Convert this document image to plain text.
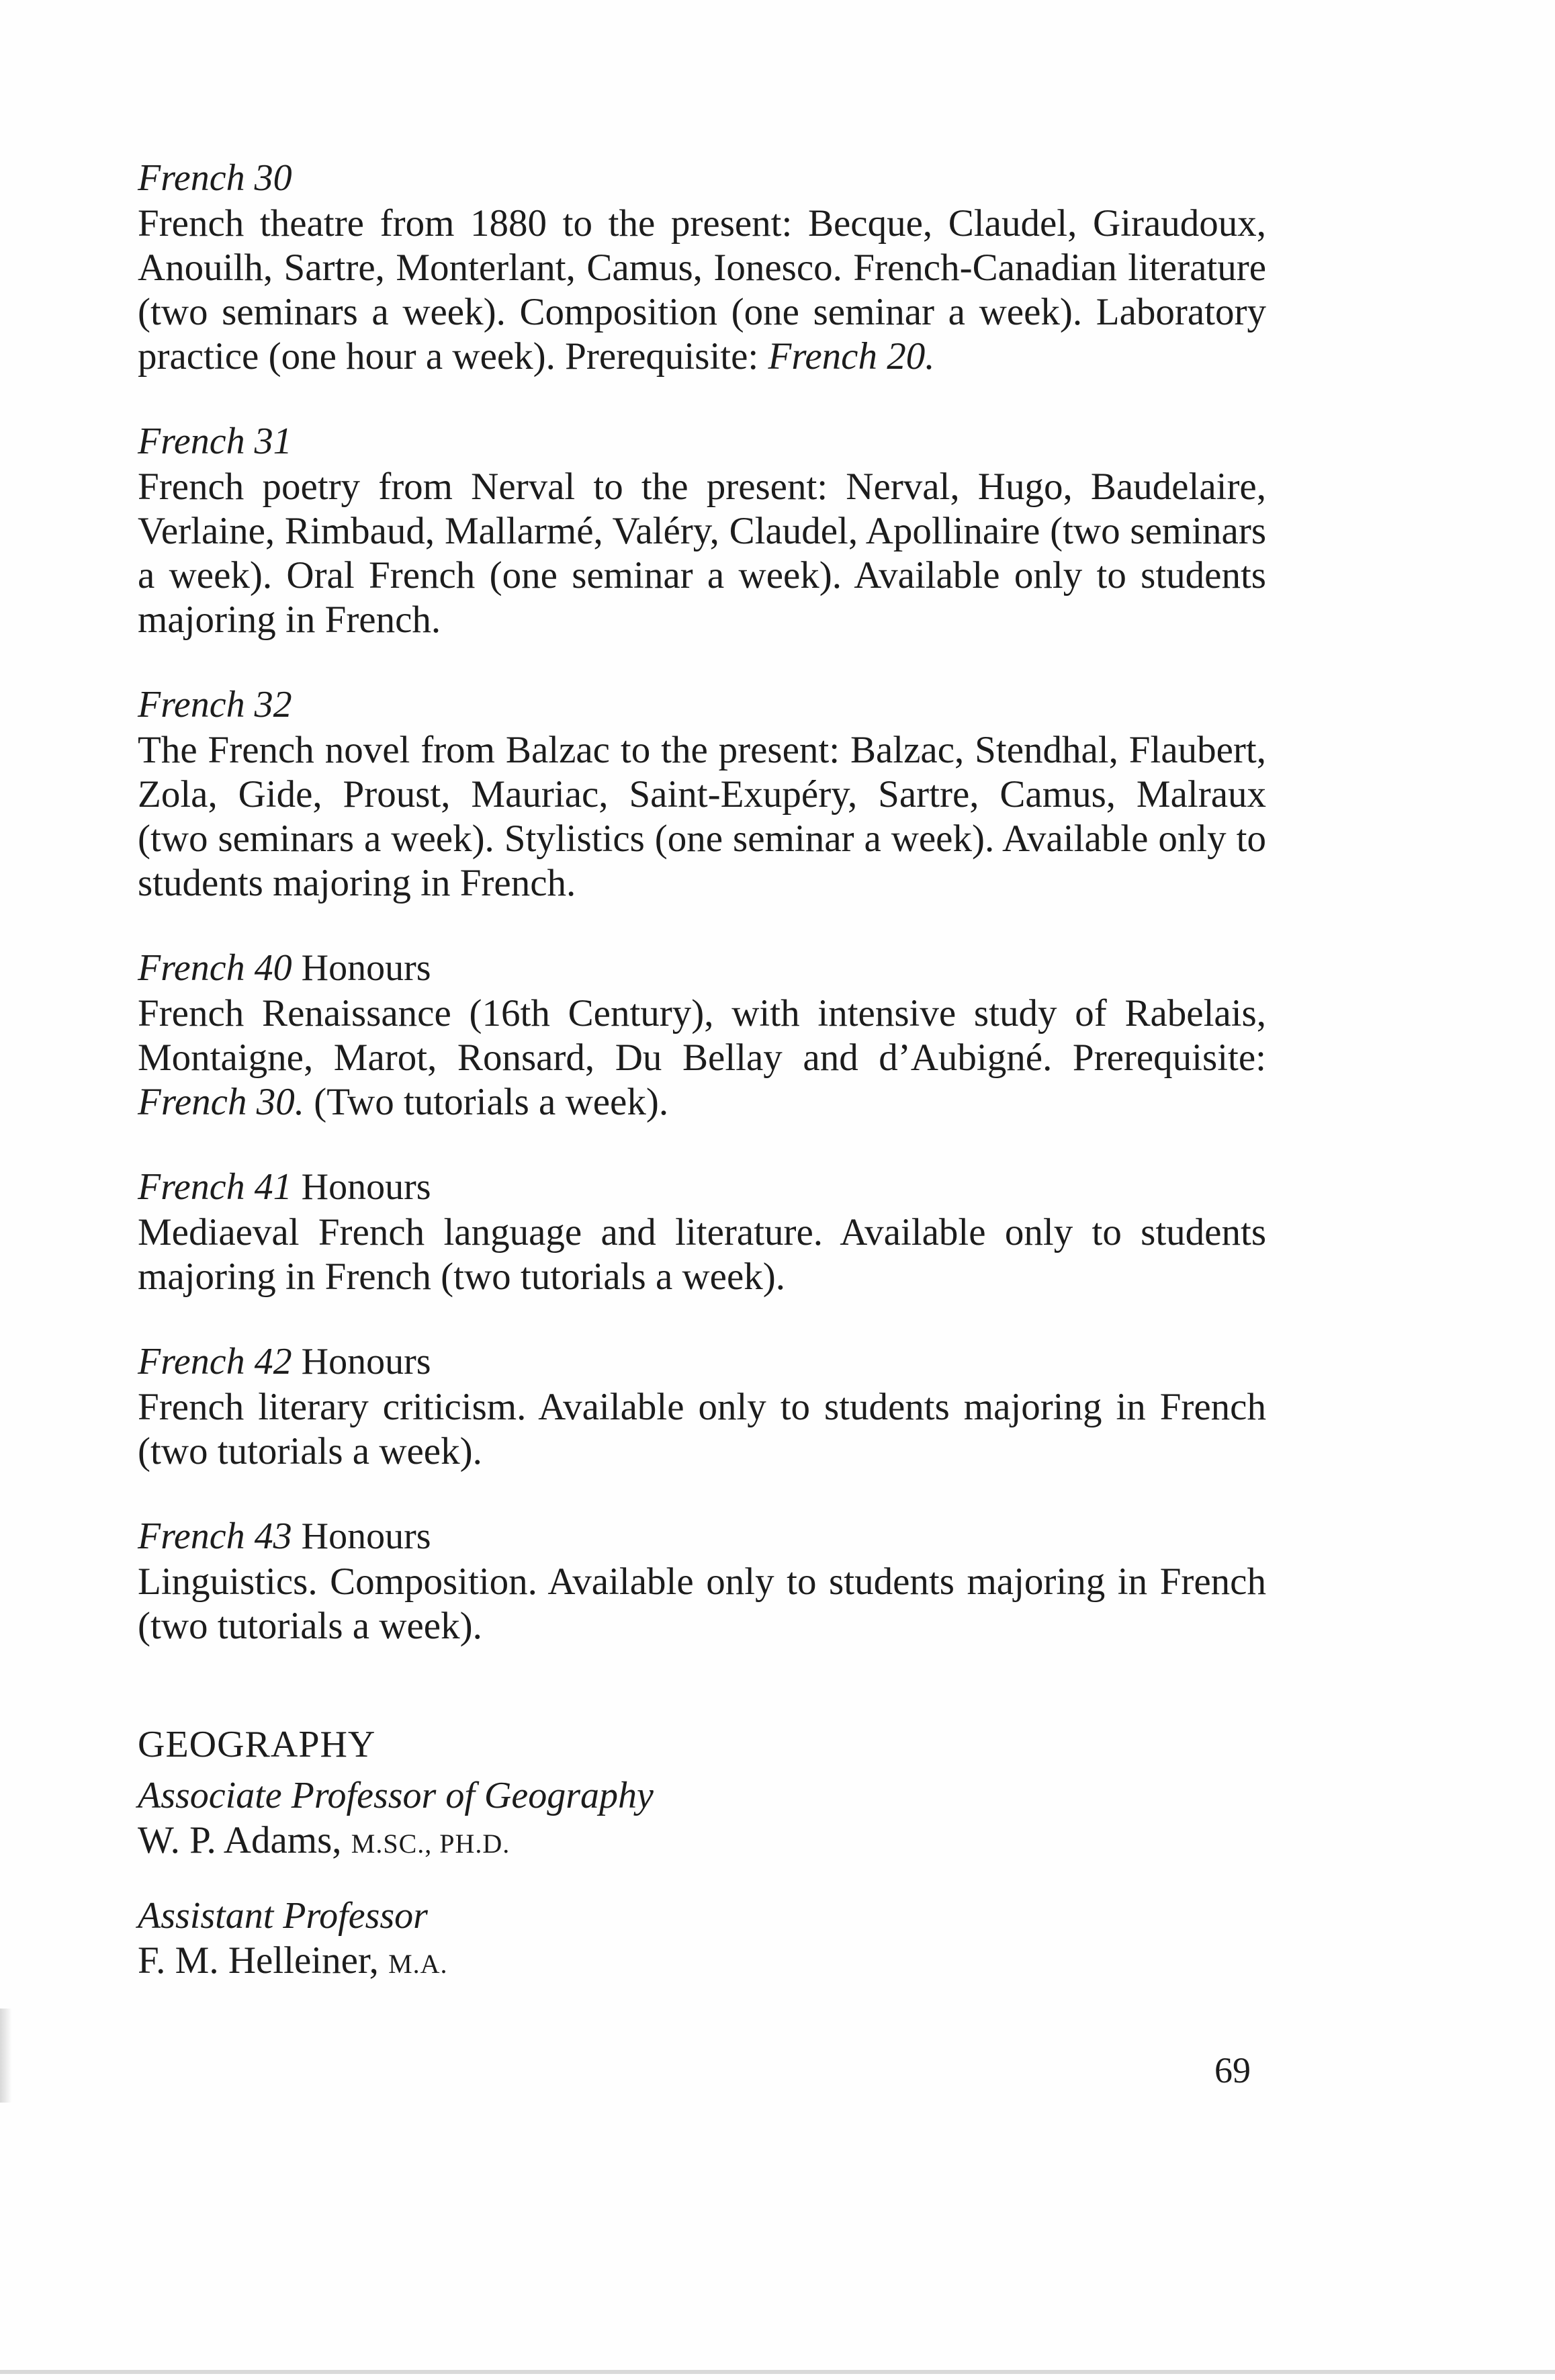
French 30

French theatre from 1880 to the present: Becque, Claudel, Giraudoux, Anouilh, Sartre, Monterlant, Camus, Ionesco. French-Canadian literature (two seminars a week). Composition (one seminar a week). Laboratory practice (one hour a week). Prerequisite: French 20.

French 31

French poetry from Nerval to the present: Nerval, Hugo, Baudelaire, Verlaine, Rimbaud, Mallarmé, Valéry, Claudel, Apollinaire (two seminars a week). Oral French (one seminar a week). Available only to students majoring in French.

French 32

The French novel from Balzac to the present: Balzac, Stendhal, Flaubert, Zola, Gide, Proust, Mauriac, Saint-Exupéry, Sartre, Camus, Malraux (two seminars a week). Stylistics (one seminar a week). Available only to students majoring in French.

French 40 Honours

French Renaissance (16th Century), with intensive study of Rabelais, Montaigne, Marot, Ronsard, Du Bellay and d’Aubigné. Prerequisite: French 30. (Two tutorials a week).

French 41 Honours

Mediaeval French language and literature. Available only to students majoring in French (two tutorials a week).

French 42 Honours

French literary criticism. Available only to students majoring in French (two tutorials a week).

French 43 Honours

Linguistics. Composition. Available only to students majoring in French (two tutorials a week).

GEOGRAPHY
Associate Professor of Geography
W. P. Adams, M.SC., PH.D.
Assistant Professor
F. M. Helleiner, M.A.
69
